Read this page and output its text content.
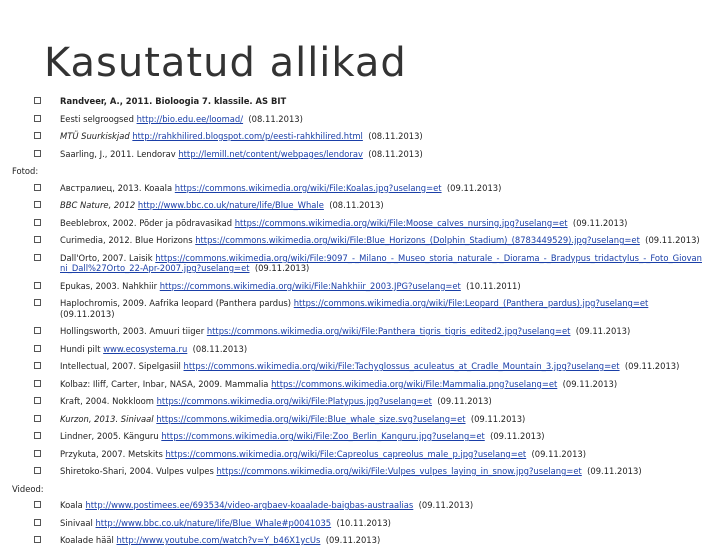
Kasutatud allikad
Randveer, A., 2011. Bioloogia 7. klassile. AS BIT
Eesti selgroogsed http://bio.edu.ee/loomad/  (08.11.2013)
MTÜ Suurkiskjad http://rahkhilired.blogspot.com/p/eesti-rahkhilired.html  (08.11.2013)
Saarling, J., 2011. Lendorav http://lemill.net/content/webpages/lendorav  (08.11.2013)
Fotod:
Австралиец, 2013. Koaala https://commons.wikimedia.org/wiki/File:Koalas.jpg?uselang=et  (09.11.2013)
BBC Nature, 2012 http://www.bbc.co.uk/nature/life/Blue_Whale  (08.11.2013)
Beeblebrox, 2002. Põder ja põdravasikad https://commons.wikimedia.org/wiki/File:Moose_calves_nursing.jpg?uselang=et  (09.11.2013)
Curimedia, 2012. Blue Horizons https://commons.wikimedia.org/wiki/File:Blue_Horizons_(Dolphin_Stadium)_(8783449529).jpg?uselang=et  (09.11.2013)
Dall'Orto, 2007. Laisik https://commons.wikimedia.org/wiki/File:9097_-_Milano_-_Museo_storia_naturale_-_Diorama_-_Bradypus_tridactylus_-_Foto_Giovanni_Dall%27Orto_22-Apr-2007.jpg?uselang=et  (09.11.2013)
Epukas, 2003. Nahkhiir https://commons.wikimedia.org/wiki/File:Nahkhiir_2003.JPG?uselang=et  (10.11.2011)
Haplochromis, 2009. Aafrika leopard (Panthera pardus) https://commons.wikimedia.org/wiki/File:Leopard_(Panthera_pardus).jpg?uselang=et  (09.11.2013)
Hollingsworth, 2003. Amuuri tiiger https://commons.wikimedia.org/wiki/File:Panthera_tigris_tigris_edited2.jpg?uselang=et  (09.11.2013)
Hundi pilt www.ecosystema.ru  (08.11.2013)
Intellectual, 2007. Sipelgasiil https://commons.wikimedia.org/wiki/File:Tachyglossus_aculeatus_at_Cradle_Mountain_3.jpg?uselang=et  (09.11.2013)
Kolbaz: Iliff, Carter, Inbar, NASA, 2009. Mammalia https://commons.wikimedia.org/wiki/File:Mammalia.png?uselang=et  (09.11.2013)
Kraft, 2004. Nokkloom https://commons.wikimedia.org/wiki/File:Platypus.jpg?uselang=et  (09.11.2013)
Kurzon, 2013. Sinivaal https://commons.wikimedia.org/wiki/File:Blue_whale_size.svg?uselang=et  (09.11.2013)
Lindner, 2005. Känguru https://commons.wikimedia.org/wiki/File:Zoo_Berlin_Kanguru.jpg?uselang=et  (09.11.2013)
Przykuta, 2007. Metskits https://commons.wikimedia.org/wiki/File:Capreolus_capreolus_male_p.jpg?uselang=et  (09.11.2013)
Shiretoko-Shari, 2004. Vulpes vulpes https://commons.wikimedia.org/wiki/File:Vulpes_vulpes_laying_in_snow.jpg?uselang=et  (09.11.2013)
Videod:
Koala http://www.postimees.ee/693534/video-argbaev-koaalade-baigbas-austraalias  (09.11.2013)
Sinivaal http://www.bbc.co.uk/nature/life/Blue_Whale#p0041035  (10.11.2013)
Koalade hääl http://www.youtube.com/watch?v=Y_b46X1ycUs  (09.11.2013)
